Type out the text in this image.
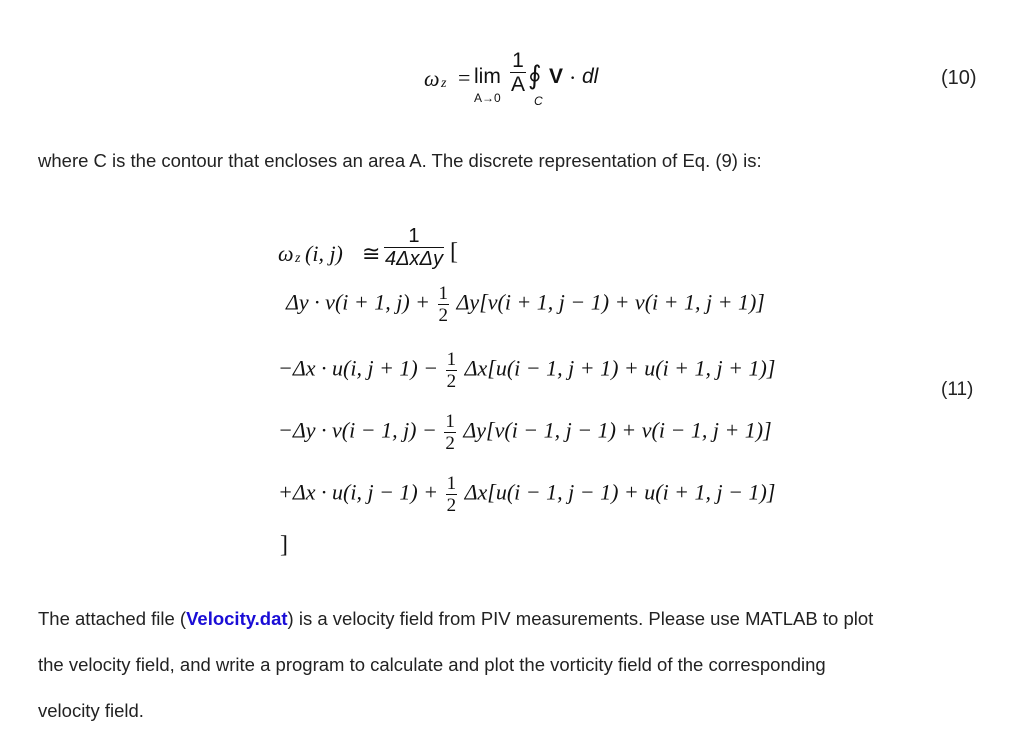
ω z = lim
A→0
$\frac{1}{A}$ ∮
C
V · dl	(10)
where C is the contour that encloses an area A. The discrete representation of Eq. (9) is:
ω z (i, j) ≅
1
4ΔxΔy [
Δy · v(i + 1, $j) + \frac{1}{2} \Delta y[v(i + 1$, j − 1) + v(i + 1, j + 1)]
−Δx · u(i, $j + 1) - \frac{1}{2} \Delta x[u(i - 1$, j + 1) + u(i + 1, j + 1)]
(11)
−Δy · v(i − 1, $j) - \frac{1}{2} \Delta y[v(i - 1$, j − 1) + v(i − 1, j + 1)]
+Δx · u(i, $j - 1) + \frac{1}{2} \Delta x[u(i - 1$, j − 1) + u(i + 1, j − 1)]
]
The attached file (Velocity.dat) is a velocity field from PIV measurements. Please use MATLAB to plot
the velocity field, and write a program to calculate and plot the vorticity field of the corresponding
velocity field.
